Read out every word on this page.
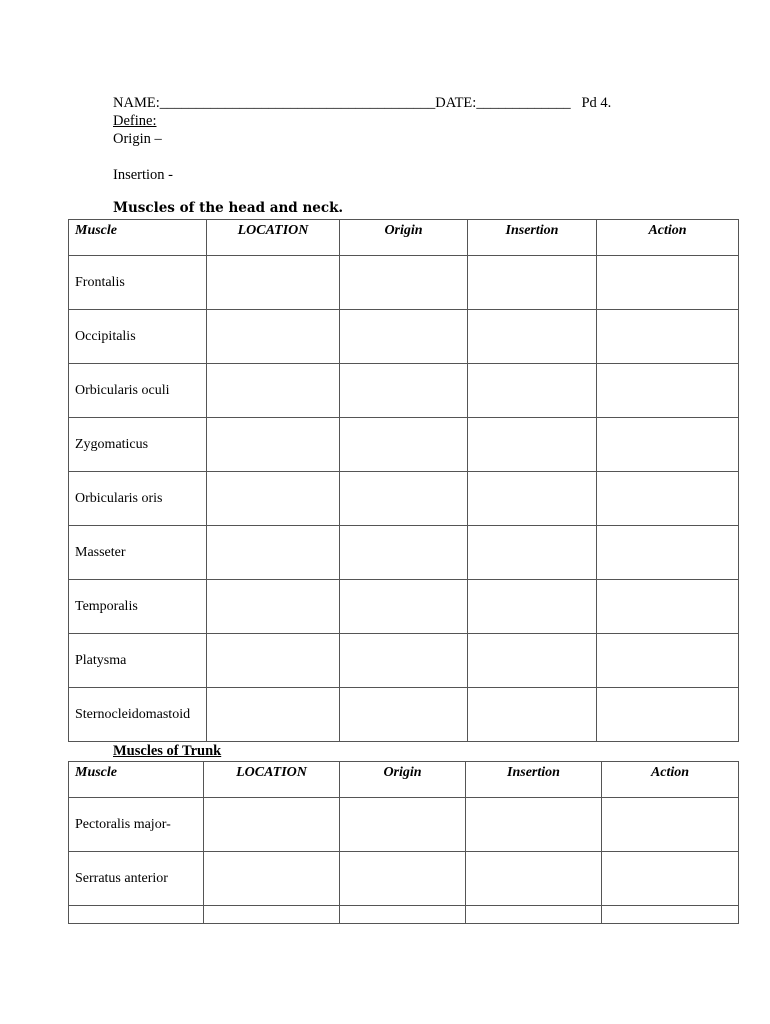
NAME:______________________________________DATE:_____________ Pd 4.
Define:
Origin –
Insertion -
Muscles of the head and neck.
Muscle	LOCATION	Origin	Insertion	Action
Frontalis				
Occipitalis				
Orbicularis oculi				
Zygomaticus				
Orbicularis oris				
Masseter				
Temporalis				
Platysma				
Sternocleidomastoid				
Muscles of Trunk
Muscle	LOCATION	Origin	Insertion	Action
Pectoralis major-				
Serratus anterior				
